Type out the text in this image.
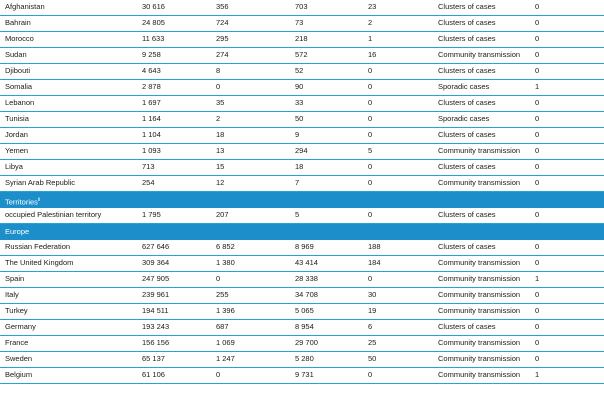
Territories$^{ii}$
Europe
Afghanistan	30 616	356	703	23	Clusters of cases	0
Bahrain	24 805	724	73	2	Clusters of cases	0
Morocco	11 633	295	218	1	Clusters of cases	0
Sudan	9 258	274	572	16	Community transmission 0
Djibouti	4 643	8	52	0	Clusters of cases	0
Somalia	2 878	0	90	0	Sporadic cases	1
Lebanon	1 697	35	33	0	Clusters of cases	0
Tunisia	1 164	2	50	0	Sporadic cases	0
Jordan	1 104	18	9	0	Clusters of cases	0
Yemen	1 093	13	294	5	Community transmission 0
Libya	713	15	18	0	Clusters of cases	0
Syrian Arab Republic	254	12	7	0	Community transmission 0
occupied Palestinian territory	1 795	207	5	0	Clusters of cases	0
Russian Federation	627 646	6 852	8 969	188	Clusters of cases	0
The United Kingdom	309 364	1 380	43 414	184	Community transmission 0
Spain	247 905	0	28 338	0	Community transmission 1
Italy	239 961	255	34 708	30	Community transmission 0
Turkey	194 511	1 396	5 065	19	Community transmission 0
Germany	193 243	687	8 954	6	Clusters of cases	0
France	156 156	1 069	29 700	25	Community transmission 0
Sweden	65 137	1 247	5 280	50	Community transmission 0
Belgium	61 106	0	9 731	0	Community transmission 1
